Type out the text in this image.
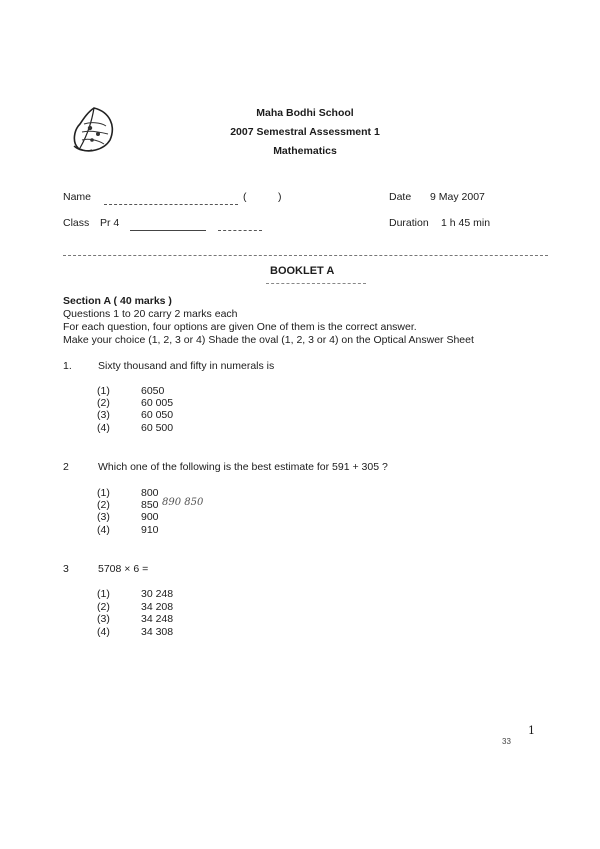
Maha Bodhi School
2007 Semestral Assessment 1
Mathematics
Name	(	)	Date 9 May 2007
Class Pr 4	Duration 1 h 45 min
BOOKLET A
Section A ( 40 marks )
Questions 1 to 20 carry 2 marks each
For each question, four options are given One of them is the correct answer.
Make your choice (1, 2, 3 or 4) Shade the oval (1, 2, 3 or 4) on the Optical Answer Sheet
1. Sixty thousand and fifty in numerals is
(1)	6050
(2)	60 005
(3)	60 050
(4)	60 500
2	Which one of the following is the best estimate for 591 + 305 ?
(1)	800
(2)	850 890 850
(3)	900
(4)	910
3	5708 × 6 =
(1)	30 248
(2)	34 208
(3)	34 248
(4)	34 308
1
33
